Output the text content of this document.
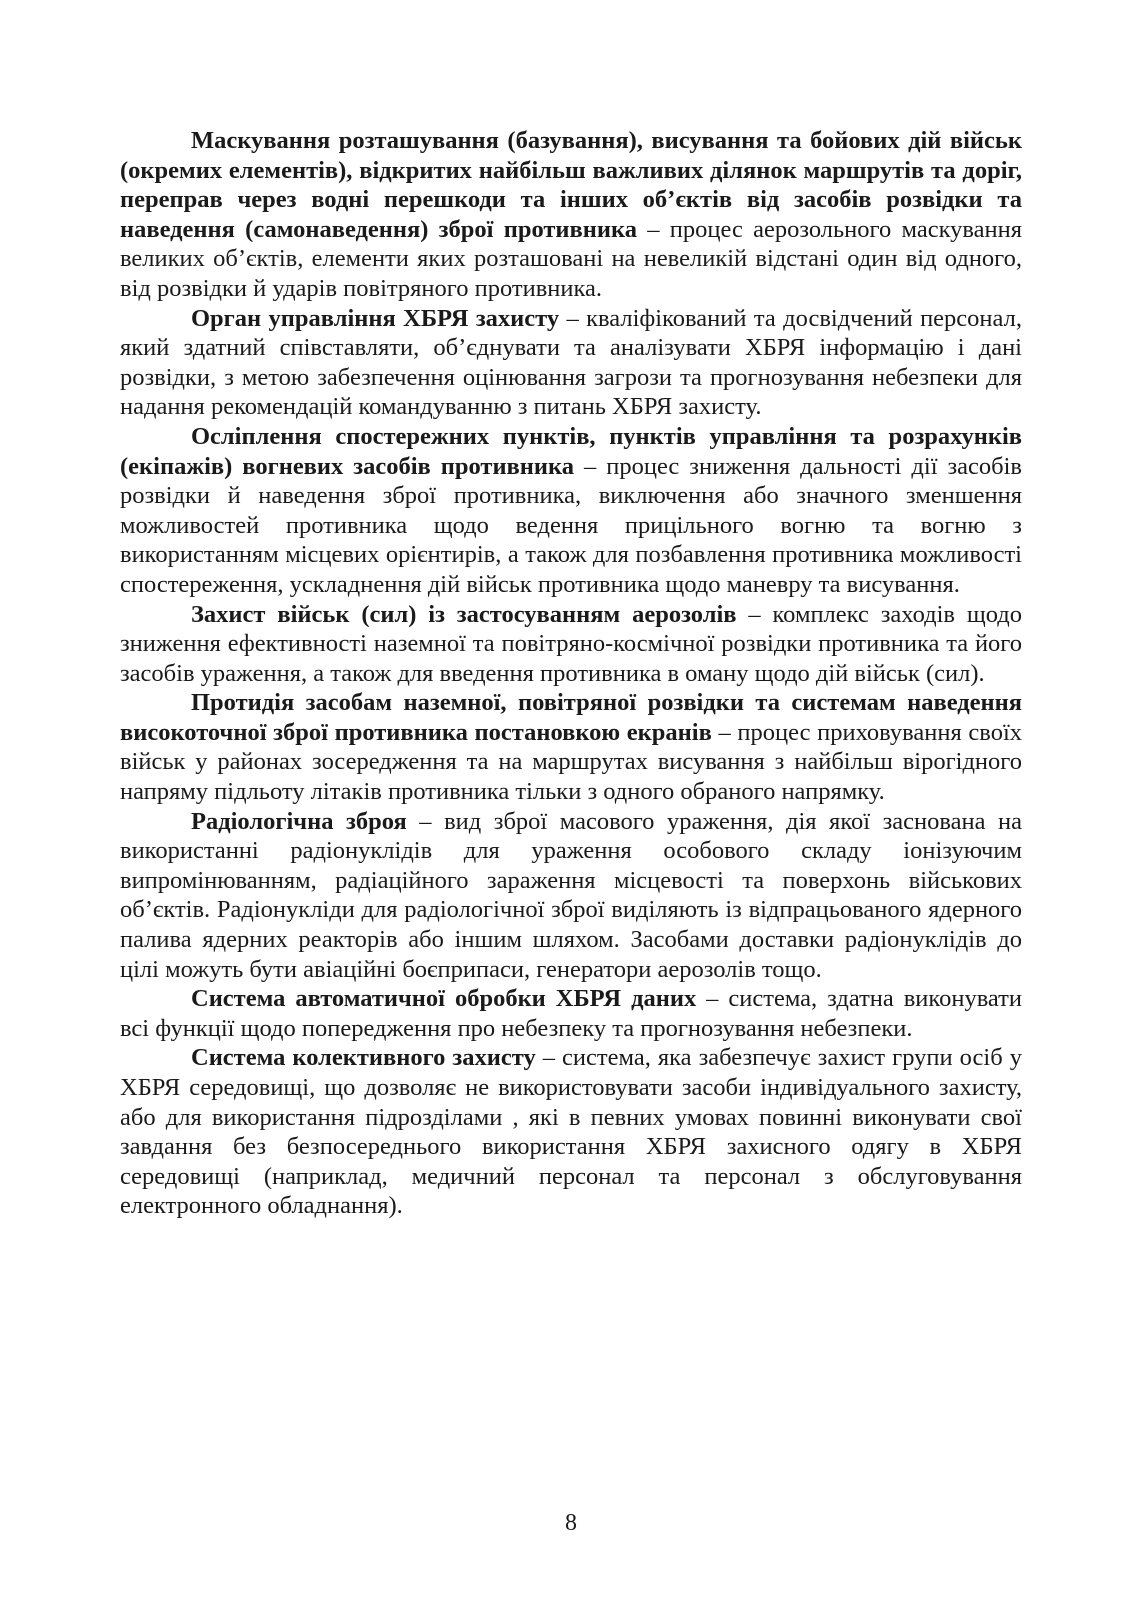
Маскування розташування (базування), висування та бойових дій військ (окремих елементів), відкритих найбільш важливих ділянок маршрутів та доріг, переправ через водні перешкоди та інших об’єктів від засобів розвідки та наведення (самонаведення) зброї противника – процес аерозольного маскування великих об’єктів, елементи яких розташовані на невеликій відстані один від одного, від розвідки й ударів повітряного противника.

Орган управління ХБРЯ захисту – кваліфікований та досвідчений персонал, який здатний співставляти, об’єднувати та аналізувати ХБРЯ інформацію і дані розвідки, з метою забезпечення оцінювання загрози та прогнозування небезпеки для надання рекомендацій командуванню з питань ХБРЯ захисту.

Осліплення спостережних пунктів, пунктів управління та розрахунків (екіпажів) вогневих засобів противника – процес зниження дальності дії засобів розвідки й наведення зброї противника, виключення або значного зменшення можливостей противника щодо ведення прицільного вогню та вогню з використанням місцевих орієнтирів, а також для позбавлення противника можливості спостереження, ускладнення дій військ противника щодо маневру та висування.

Захист військ (сил) із застосуванням аерозолів – комплекс заходів щодо зниження ефективності наземної та повітряно-космічної розвідки противника та його засобів ураження, а також для введення противника в оману щодо дій військ (сил).

Протидія засобам наземної, повітряної розвідки та системам наведення високоточної зброї противника постановкою екранів – процес приховування своїх військ у районах зосередження та на маршрутах висування з найбільш вірогідного напряму підльоту літаків противника тільки з одного обраного напрямку.

Радіологічна зброя – вид зброї масового ураження, дія якої заснована на використанні радіонуклідів для ураження особового складу іонізуючим випромінюванням, радіаційного зараження місцевості та поверхонь військових об’єктів. Радіонукліди для радіологічної зброї виділяють із відпрацьованого ядерного палива ядерних реакторів або іншим шляхом. Засобами доставки радіонуклідів до цілі можуть бути авіаційні боєприпаси, генератори аерозолів тощо.

Система автоматичної обробки ХБРЯ даних – система, здатна виконувати всі функції щодо попередження про небезпеку та прогнозування небезпеки.

Система колективного захисту – система, яка забезпечує захист групи осіб у ХБРЯ середовищі, що дозволяє не використовувати засоби індивідуального захисту, або для використання підрозділами , які в певних умовах повинні виконувати свої завдання без безпосереднього використання ХБРЯ захисного одягу в ХБРЯ середовищі (наприклад, медичний персонал та персонал з обслуговування електронного обладнання).

8
